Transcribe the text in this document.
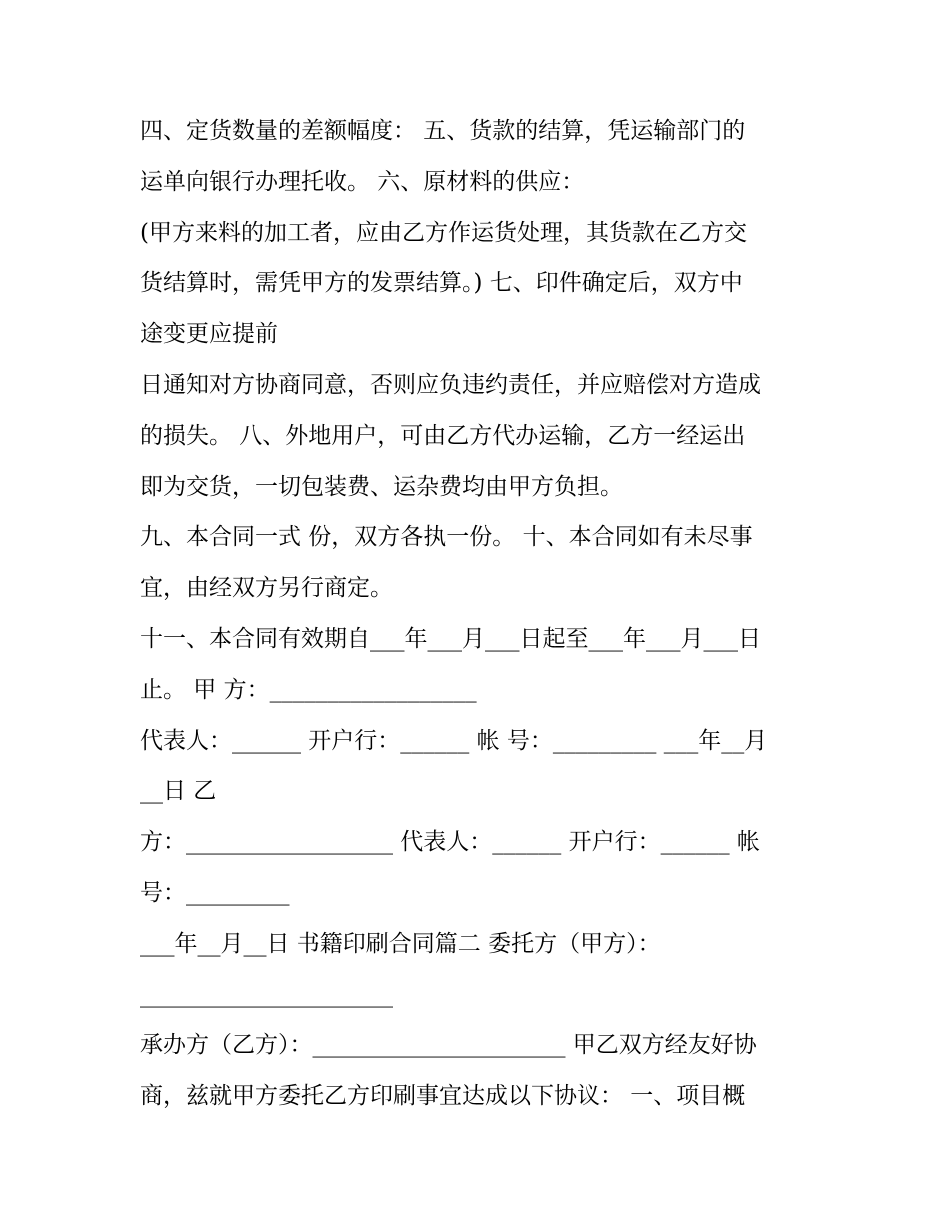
四、定货数量的差额幅度： 五、货款的结算，凭运输部门的
运单向银行办理托收。 六、原材料的供应：
(甲方来料的加工者，应由乙方作运货处理，其货款在乙方交
货结算时，需凭甲方的发票结算。) 七、印件确定后，双方中
途变更应提前
日通知对方协商同意，否则应负违约责任，并应赔偿对方造成
的损失。 八、外地用户，可由乙方代办运输，乙方一经运出
即为交货，一切包装费、运杂费均由甲方负担。
九、本合同一式 份，双方各执一份。 十、本合同如有未尽事
宜，由经双方另行商定。
十一、本合同有效期自___年___月___日起至___年___月___日
止。 甲 方：__________________
代表人：______ 开户行：______ 帐 号：_________ ___年__月
__日 乙
方：__________________ 代表人：______ 开户行：______ 帐
号：_________
___年__月__日 书籍印刷合同篇二 委托方（甲方）：
______________________
承办方（乙方）：______________________ 甲乙双方经友好协
商，兹就甲方委托乙方印刷事宜达成以下协议： 一、项目概
